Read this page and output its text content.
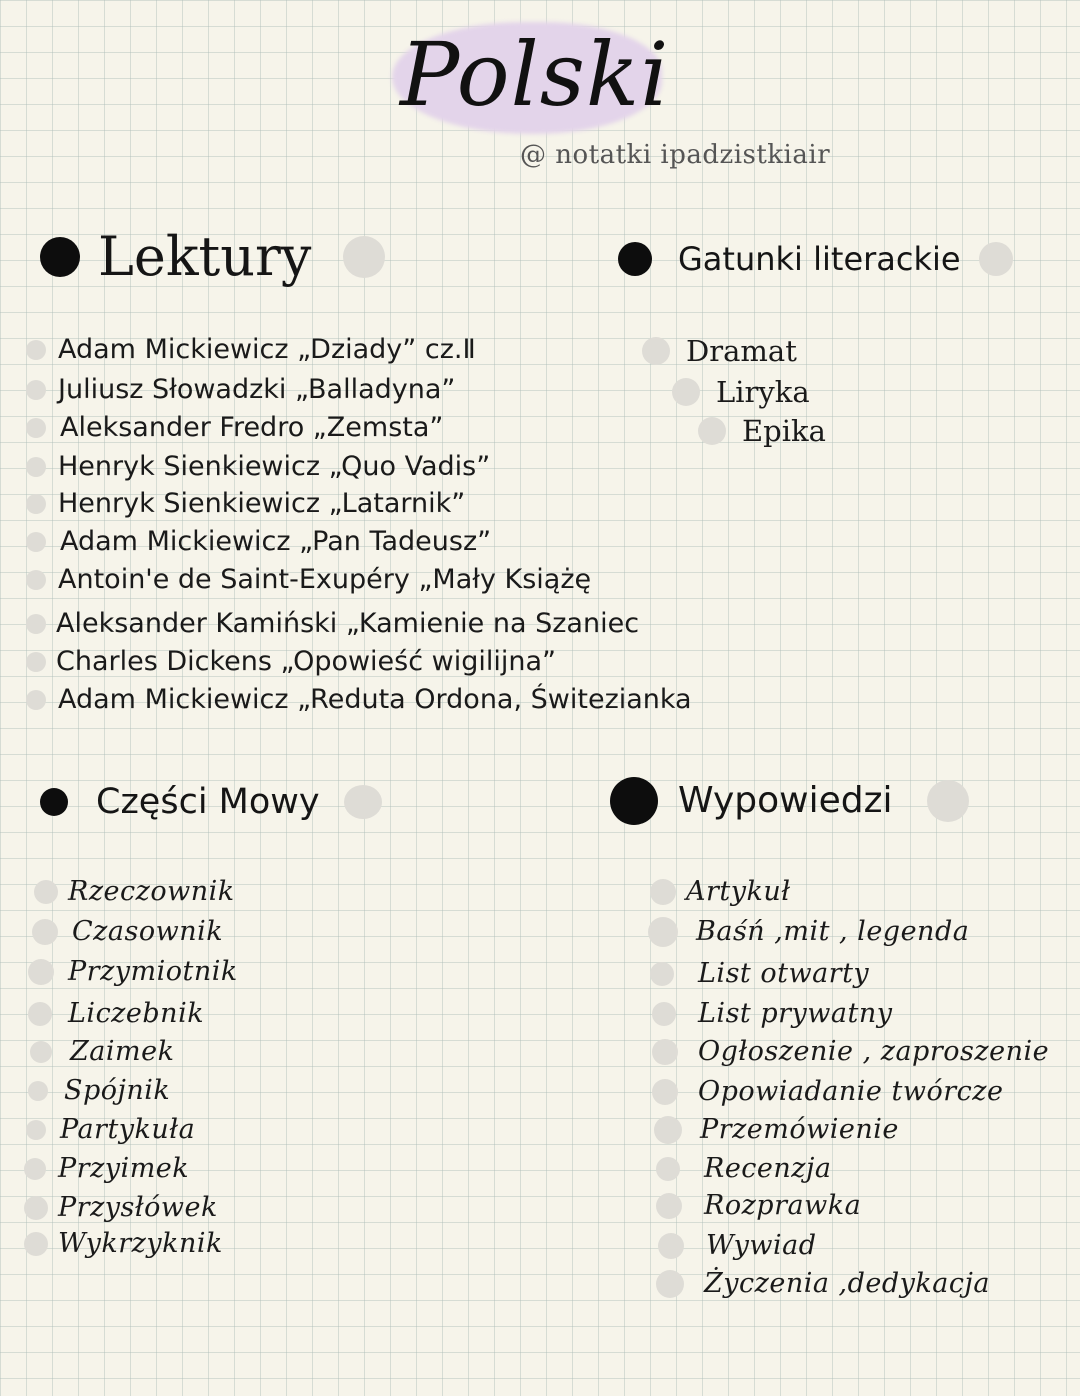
Polski
@ notatki ipadzistkiair
Lektury	Gatunki literackie
Adam Mickiewicz „Dziady” cz.Ⅱ
Juliusz Słowadzki „Balladyna”
Aleksander Fredro „Zemsta”
Henryk Sienkiewicz „Quo Vadis”
Henryk Sienkiewicz „Latarnik”
Adam Mickiewicz „Pan Tadeusz”
Antoin'e de Saint-Exupéry „Mały Książę
Aleksander Kamiński „Kamienie na Szaniec
Charles Dickens „Opowieść wigilijna”
Adam Mickiewicz „Reduta Ordona, Świtezianka
Dramat
Liryka
Epika
Części Mowy	Wypowiedzi
Rzeczownik
Czasownik
Przymiotnik
Liczebnik
Zaimek
Spójnik
Partykuła
Przyimek
Przysłówek
Wykrzyknik
Artykuł
Baśń ,mit , legenda
List otwarty
List prywatny
Ogłoszenie , zaproszenie
Opowiadanie twórcze
Przemówienie
Recenzja
Rozprawka
Wywiad
Życzenia ,dedykacja
